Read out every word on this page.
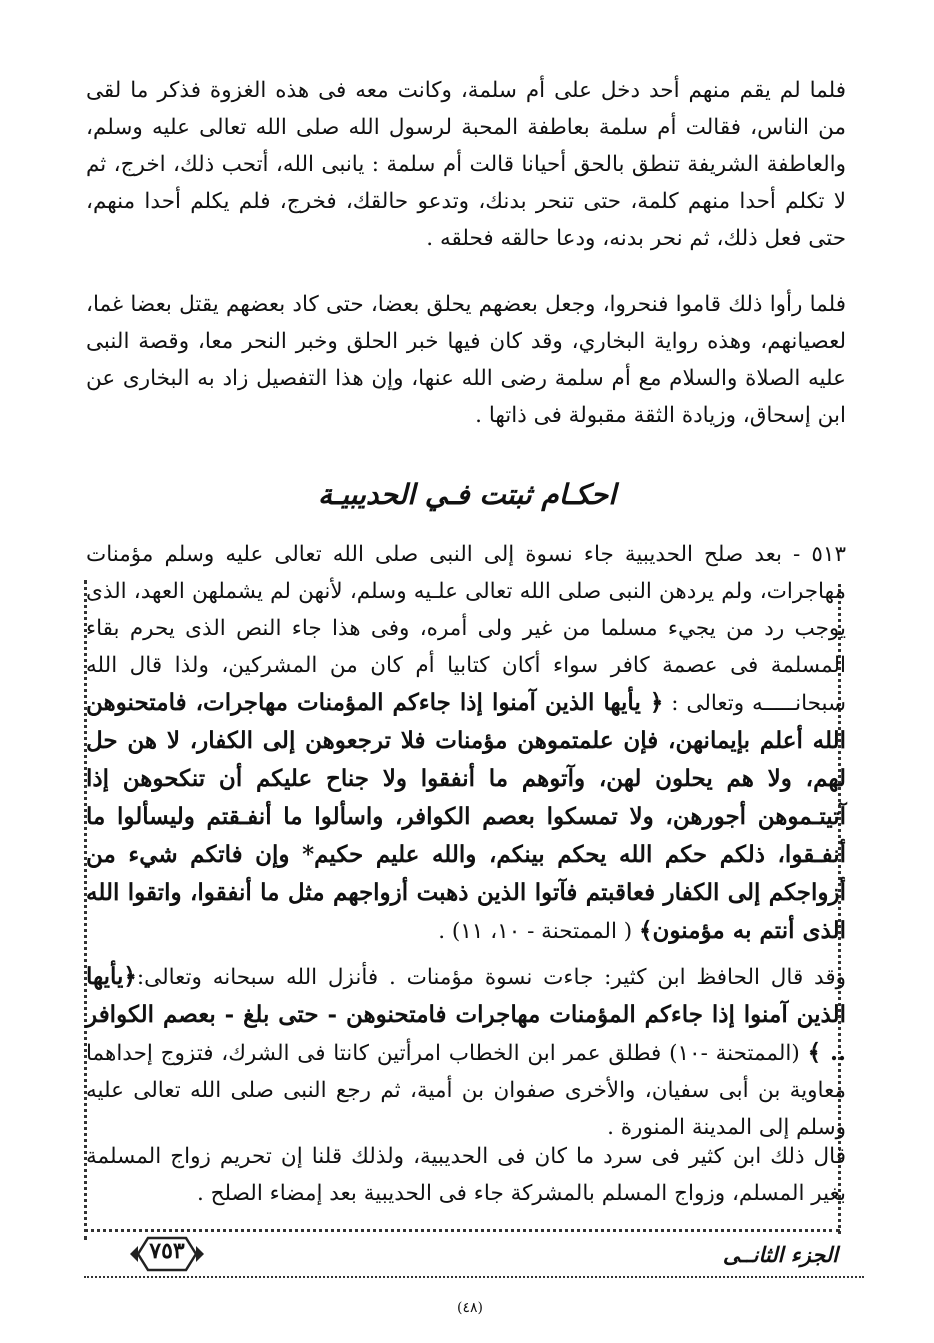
فلما لم يقم منهم أحد دخل على أم سلمة، وكانت معه فى هذه الغزوة فذكر ما لقى من الناس، فقالت أم سلمة بعاطفة المحبة لرسول الله صلى الله تعالى عليه وسلم، والعاطفة الشريفة تنطق بالحق أحيانا قالت أم سلمة : يانبى الله، أتحب ذلك، اخرج، ثم لا تكلم أحدا منهم كلمة، حتى تنحر بدنك، وتدعو حالقك، فخرج، فلم يكلم أحدا منهم، حتى فعل ذلك، ثم نحر بدنه، ودعا حالقه فحلقه .

فلما رأوا ذلك قاموا فنحروا، وجعل بعضهم يحلق بعضا، حتى كاد بعضهم يقتل بعضا غما، لعصيانهم، وهذه رواية البخاري، وقد كان فيها خبر الحلق وخبر النحر معا، وقصة النبى عليه الصلاة والسلام مع أم سلمة رضى الله عنها، وإن هذا التفصيل زاد به البخارى عن ابن إسحاق، وزيادة الثقة مقبولة فى ذاتها .

احكـام ثبتت فـي الحديبيـة

٥١٣ - بعد صلح الحديبية جاء نسوة إلى النبى صلى الله تعالى عليه وسلم مؤمنات مهاجرات، ولم يردهن النبى صلى الله تعالى علـيه وسلم، لأنهن لم يشملهن العهد، الذى يوجب رد من يجيء مسلما من غير ولى أمره، وفى هذا جاء النص الذى يحرم بقاء المسلمة فى عصمة كافر سواء أكان كتابيا أم كان من المشركين، ولذا قال الله سبحانـــــه وتعالى : ﴿ يأيها الذين آمنوا إذا جاءكم المؤمنات مهاجرات، فامتحنوهن الله أعلم بإيمانهن، فإن علمتموهن مؤمنات فلا ترجعوهن إلى الكفار، لا هن حل لهم، ولا هم يحلون لهن، وآتوهم ما أنفقوا ولا جناح عليكم أن تنكحوهن إذا آتيتـموهن أجورهن، ولا تمسكوا بعصم الكوافر، واسألوا ما أنفـقتم وليسألوا ما أنفـقوا، ذلكم حكم الله يحكم بينكم، والله عليم حكيم* وإن فاتكم شيء من أزواجكم إلى الكفار فعاقبتم فآتوا الذين ذهبت أزواجهم مثل ما أنفقوا، واتقوا الله الذى أنتم به مؤمنون﴾ ( الممتحنة - ١٠، ١١) .

وقد قال الحافظ ابن كثير: جاءت نسوة مؤمنات . فأنزل الله سبحانه وتعالى:﴿يأيها الذين آمنوا إذا جاءكم المؤمنات مهاجرات فامتحنوهن - حتى بلغ - بعصم الكوافر .. ﴾ (الممتحنة -١٠) فطلق عمر ابن الخطاب امرأتين كانتا فى الشرك، فتزوج إحداهما معاوية بن أبى سفيان، والأخرى صفوان بن أمية، ثم رجع النبى صلى الله تعالى عليه وسلم إلى المدينة المنورة .

قال ذلك ابن كثير فى سرد ما كان فى الحديبية، ولذلك قلنا إن تحريم زواج المسلمة بغير المسلم، وزواج المسلم بالمشركة جاء فى الحديبية بعد إمضاء الصلح .

٧٥٣	الجزء الثانــى
(٤٨)
